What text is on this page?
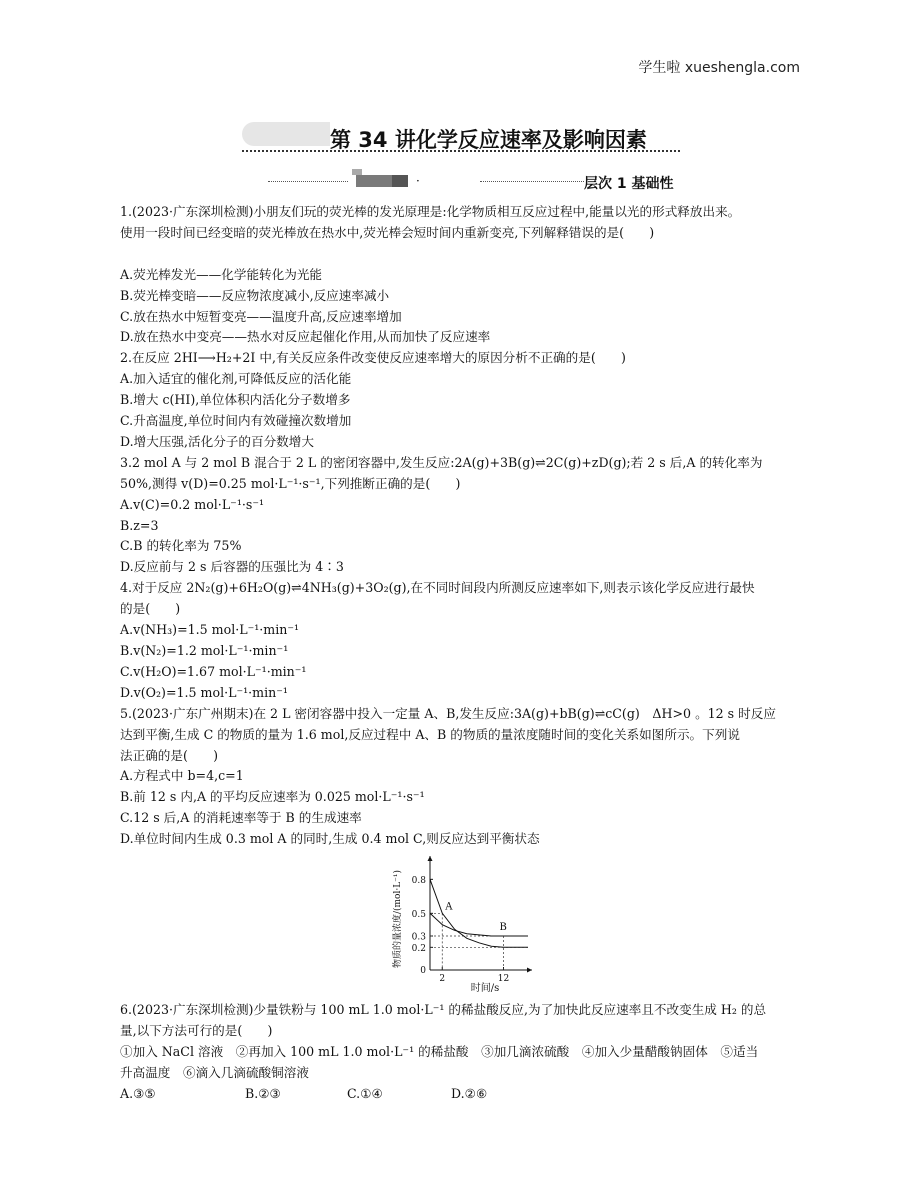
学生啦 xueshengla.com
第 34 讲化学反应速率及影响因素
·	层次 1 基础性

1.(2023·广东深圳检测)小朋友们玩的荧光棒的发光原理是:化学物质相互反应过程中,能量以光的形式释放出来。

使用一段时间已经变暗的荧光棒放在热水中,荧光棒会短时间内重新变亮,下列解释错误的是(　　)

A.荧光棒发光——化学能转化为光能

B.荧光棒变暗——反应物浓度减小,反应速率减小

C.放在热水中短暂变亮——温度升高,反应速率增加

D.放在热水中变亮——热水对反应起催化作用,从而加快了反应速率

2.在反应 2HI⟶H₂+2I 中,有关反应条件改变使反应速率增大的原因分析不正确的是(　　)

A.加入适宜的催化剂,可降低反应的活化能

B.增大 c(HI),单位体积内活化分子数增多

C.升高温度,单位时间内有效碰撞次数增加

D.增大压强,活化分子的百分数增大

3.2 mol A 与 2 mol B 混合于 2 L 的密闭容器中,发生反应:2A(g)+3B(g)⇌2C(g)+zD(g);若 2 s 后,A 的转化率为

50%,测得 v(D)=0.25 mol·L⁻¹·s⁻¹,下列推断正确的是(　　)

A.v(C)=0.2 mol·L⁻¹·s⁻¹

B.z=3

C.B 的转化率为 75%

D.反应前与 2 s 后容器的压强比为 4∶3

4.对于反应 2N₂(g)+6H₂O(g)⇌4NH₃(g)+3O₂(g),在不同时间段内所测反应速率如下,则表示该化学反应进行最快

的是(　　)

A.v(NH₃)=1.5 mol·L⁻¹·min⁻¹

B.v(N₂)=1.2 mol·L⁻¹·min⁻¹

C.v(H₂O)=1.67 mol·L⁻¹·min⁻¹

D.v(O₂)=1.5 mol·L⁻¹·min⁻¹

5.(2023·广东广州期末)在 2 L 密闭容器中投入一定量 A、B,发生反应:3A(g)+bB(g)⇌cC(g)　ΔH>0 。12 s 时反应

达到平衡,生成 C 的物质的量为 1.6 mol,反应过程中 A、B 的物质的量浓度随时间的变化关系如图所示。下列说

法正确的是(　　)

A.方程式中 b=4,c=1

B.前 12 s 内,A 的平均反应速率为 0.025 mol·L⁻¹·s⁻¹

C.12 s 后,A 的消耗速率等于 B 的生成速率

D.单位时间内生成 0.3 mol A 的同时,生成 0.4 mol C,则反应达到平衡状态

6.(2023·广东深圳检测)少量铁粉与 100 mL 1.0 mol·L⁻¹ 的稀盐酸反应,为了加快此反应速率且不改变生成 H₂ 的总

量,以下方法可行的是(　　)

①加入 NaCl 溶液　②再加入 100 mL 1.0 mol·L⁻¹ 的稀盐酸　③加几滴浓硫酸　④加入少量醋酸钠固体　⑤适当

升高温度　⑥滴入几滴硫酸铜溶液

A.③⑤	B.②③	C.①④	D.②⑥

0.8
0.5
0.3
0.2
0
2	12
A
B
时间/s
物质的量浓度/(mol·L⁻¹)
